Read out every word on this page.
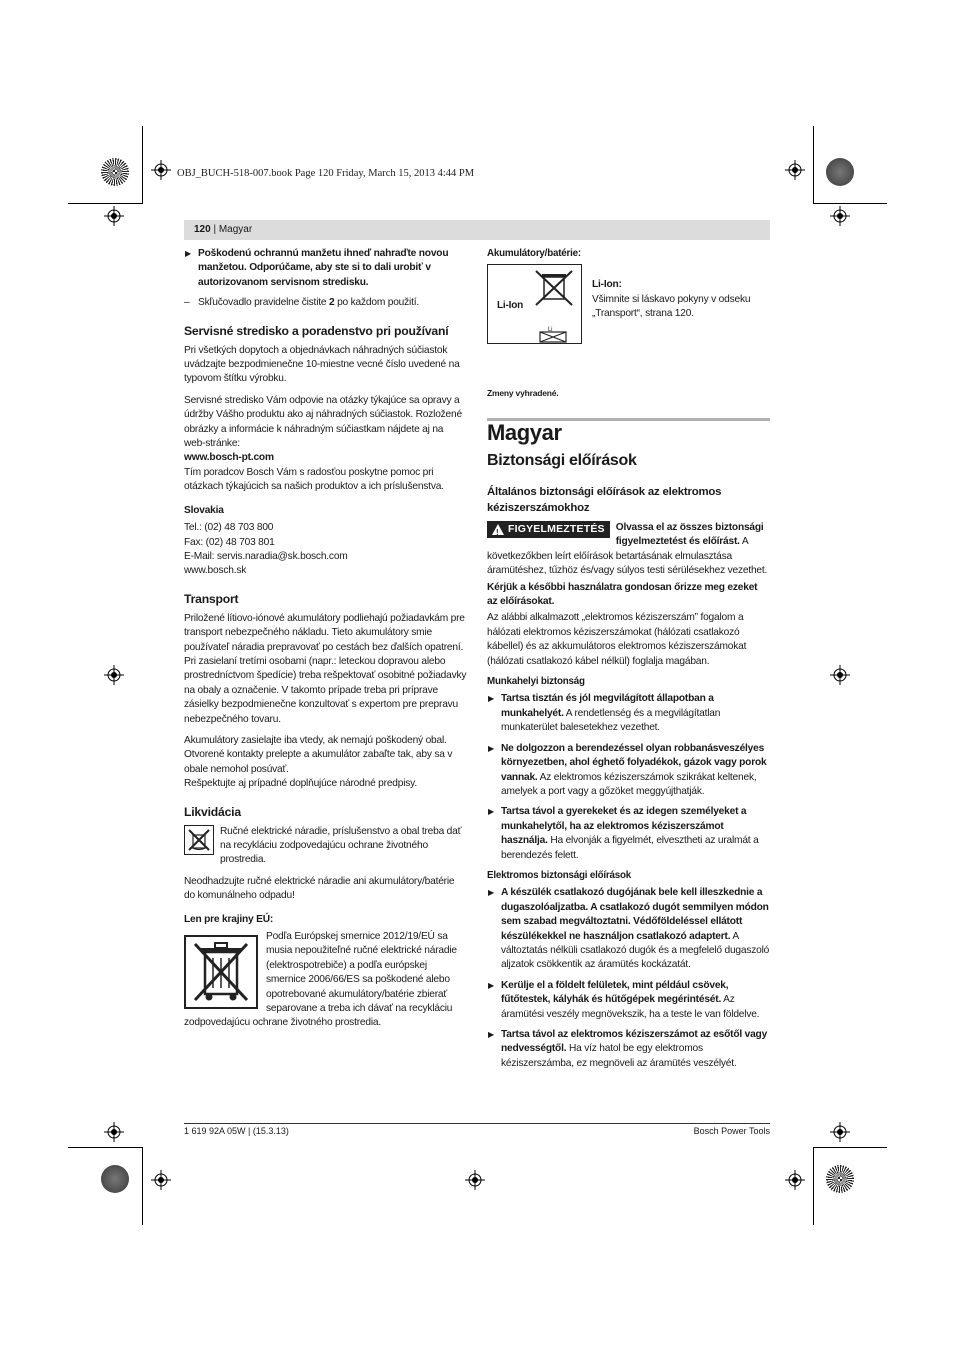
OBJ_BUCH-518-007.book Page 120 Friday, March 15, 2013 4:44 PM
120 | Magyar
▶
Poškodenú ochrannú manžetu ihneď nahraďte novou manžetou. Odporúčame, aby ste si to dali urobiť v autorizovanom servisnom stredisku.
– Skľučovadlo pravidelne čistite 2 po každom použití.
Servisné stredisko a poradenstvo pri používaní

Pri všetkých dopytoch a objednávkach náhradných súčiastok uvádzajte bezpodmienečne 10-miestne vecné číslo uvedené na typovom štítku výrobku.

Servisné stredisko Vám odpovie na otázky týkajúce sa opravy a údržby Vášho produktu ako aj náhradných súčiastok. Rozložené obrázky a informácie k náhradným súčiastkam nájdete aj na web-stránke:

www.bosch-pt.com

Tím poradcov Bosch Vám s radosťou poskytne pomoc pri otázkach týkajúcich sa našich produktov a ich príslušenstva.

Slovakia

Tel.: (02) 48 703 800

Fax: (02) 48 703 801

E-Mail: servis.naradia@sk.bosch.com

www.bosch.sk

Transport

Priložené lítiovo-iónové akumulátory podliehajú požiadavkám pre transport nebezpečného nákladu. Tieto akumulátory smie používateľ náradia prepravovať po cestách bez ďalších opatrení.

Pri zasielaní tretími osobami (napr.: leteckou dopravou alebo prostredníctvom špedície) treba rešpektovať osobitné požiadavky na obaly a označenie. V takomto prípade treba pri príprave zásielky bezpodmienečne konzultovať s expertom pre prepravu nebezpečného tovaru.

Akumulátory zasielajte iba vtedy, ak nemajú poškodený obal. Otvorené kontakty prelepte a akumulátor zabaľte tak, aby sa v obale nemohol posúvať.

Rešpektujte aj prípadné doplňujúce národné predpisy.

Likvidácia

Ručné elektrické náradie, príslušenstvo a obal treba dať na recykláciu zodpovedajúcu ochrane životného prostredia.

Neodhadzujte ručné elektrické náradie ani akumulátory/batérie do komunálneho odpadu!

Len pre krajiny EÚ:

Podľa Európskej smernice 2012/19/EÚ sa musia nepoužiteľné ručné elektrické náradie (elektrospotrebiče) a podľa európskej smernice 2006/66/ES sa poškodené alebo opotrebované akumulátory/batérie zbierať separovane a treba ich dávať na recykláciu zodpovedajúcu ochrane životného prostredia.

Akumulátory/batérie:
Li-Ion
Li

Li-Ion:

Všimnite si láskavo pokyny v odseku „Transport“, strana 120.

Zmeny vyhradené.

Magyar
Biztonsági előírások
Általános biztonsági előírások az elektromos kéziszerszámokhoz
! FIGYELMEZTETÉS	Olvassa el az összes biztonsági figyelmeztetést és előírást. A következőkben leírt előírások betartásának elmulasztása áramütéshez, tűzhöz és/vagy súlyos testi sérülésekhez vezethet.

Kérjük a későbbi használatra gondosan őrizze meg ezeket az előírásokat.

Az alábbi alkalmazott „elektromos kéziszerszám” fogalom a hálózati elektromos kéziszerszámokat (hálózati csatlakozó kábellel) és az akkumulátoros elektromos kéziszerszámokat (hálózati csatlakozó kábel nélkül) foglalja magában.

Munkahelyi biztonság
▶
Tartsa tisztán és jól megvilágított állapotban a munkahelyét. A rendetlenség és a megvilágítatlan munkaterület balesetekhez vezethet.
▶
Ne dolgozzon a berendezéssel olyan robbanásveszélyes környezetben, ahol éghető folyadékok, gázok vagy porok vannak. Az elektromos kéziszerszámok szikrákat keltenek, amelyek a port vagy a gőzöket meggyújthatják.
▶
Tartsa távol a gyerekeket és az idegen személyeket a munkahelytől, ha az elektromos kéziszerszámot használja. Ha elvonják a figyelmét, elvesztheti az uralmát a berendezés felett.
Elektromos biztonsági előírások
▶
A készülék csatlakozó dugójának bele kell illeszkednie a dugaszolóaljzatba. A csatlakozó dugót semmilyen módon sem szabad megváltoztatni. Védőföldeléssel ellátott készülékekkel ne használjon csatlakozó adaptert. A változtatás nélküli csatlakozó dugók és a megfelelő dugaszoló aljzatok csökkentik az áramütés kockázatát.
▶
Kerülje el a földelt felületek, mint például csövek, fűtőtestek, kályhák és hűtőgépek megérintését. Az áramütési veszély megnövekszik, ha a teste le van földelve.
▶
Tartsa távol az elektromos kéziszerszámot az esőtől vagy nedvességtől. Ha víz hatol be egy elektromos kéziszerszámba, ez megnöveli az áramütés veszélyét.
1 619 92A 05W | (15.3.13)	Bosch Power Tools
